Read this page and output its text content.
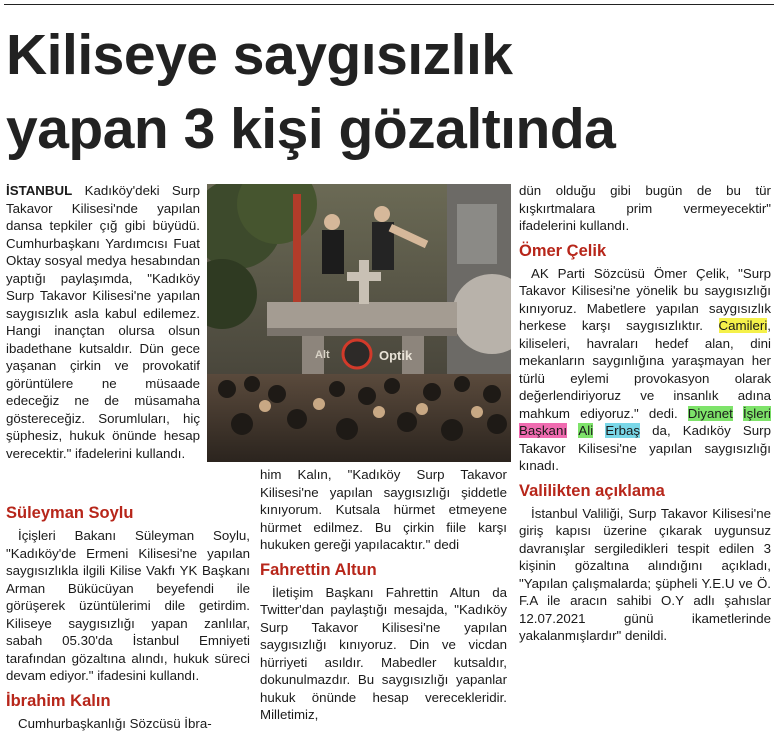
Kiliseye saygısızlık
yapan 3 kişi gözaltında
Optik
Alt

İSTANBUL Kadıköy'deki Surp Takavor Kilisesi'nde yapılan dansa tepkiler çığ gibi büyüdü. Cumhurbaşkanı Yardımcısı Fuat Oktay sosyal medya hesabından yaptığı paylaşımda, "Kadıköy Surp Takavor Kilisesi'ne yapılan saygısızlık asla kabul edilemez. Hangi inançtan olursa olsun ibadethane kutsaldır. Dün gece yaşanan çirkin ve provokatif görüntülere ne müsaade edeceğiz ne de müsamaha göstereceğiz. Sorumluları, hiç şüphesiz, hukuk önünde hesap verecektir." ifadelerini kullandı.

Süleyman Soylu

İçişleri Bakanı Süleyman Soylu, "Kadıköy'de Ermeni Kilisesi'ne yapılan saygısızlıkla ilgili Kilise Vakfı YK Başkanı Arman Bükücüyan beyefendi ile görüşerek üzüntülerimi dile getirdim. Kiliseye saygısızlığı yapan zanlılar, sabah 05.30'da İstanbul Emniyeti tarafından gözaltına alındı, hukuk süreci devam ediyor." ifadesini kullandı.

İbrahim Kalın

Cumhurbaşkanlığı Sözcüsü İbra-

him Kalın, "Kadıköy Surp Takavor Kilisesi'ne yapılan saygısızlığı şiddetle kınıyorum. Kutsala hürmet etmeyene hürmet edilmez. Bu çirkin fiile karşı hukuken gereği yapılacaktır." dedi

Fahrettin Altun

İletişim Başkanı Fahrettin Altun da Twitter'dan paylaştığı mesajda, "Kadıköy Surp Takavor Kilisesi'ne yapılan saygısızlığı kınıyoruz. Din ve vicdan hürriyeti asıldır. Mabedler kutsaldır, dokunulmazdır. Bu saygısızlığı yapanlar hukuk önünde hesap verecekleridir. Milletimiz,

dün olduğu gibi bugün de bu tür kışkırtmalara prim vermeyecektir" ifadelerini kullandı.

Ömer Çelik

AK Parti Sözcüsü Ömer Çelik, "Surp Takavor Kilisesi'ne yönelik bu saygısızlığı kınıyoruz. Mabetlere yapılan saygısızlık herkese karşı saygısızlıktır. Camileri, kiliseleri, havraları hedef alan, dini mekanların saygınlığına yaraşmayan her türlü eylemi provokasyon olarak değerlendiriyoruz ve insanlık adına mahkum ediyoruz." dedi. Diyanet İşleri Başkanı Ali Erbaş da, Kadıköy Surp Takavor Kilisesi'ne yapılan saygısızlığı kınadı.

Valilikten açıklama

İstanbul Valiliği, Surp Takavor Kilisesi'ne giriş kapısı üzerine çıkarak uygunsuz davranışlar sergiledikleri tespit edilen 3 kişinin gözaltına alındığını açıkladı, "Yapılan çalışmalarda; şüpheli Y.E.U ve Ö. F.A ile aracın sahibi O.Y adlı şahıslar 12.07.2021 günü ikametlerinde yakalanmışlardır" denildi.
